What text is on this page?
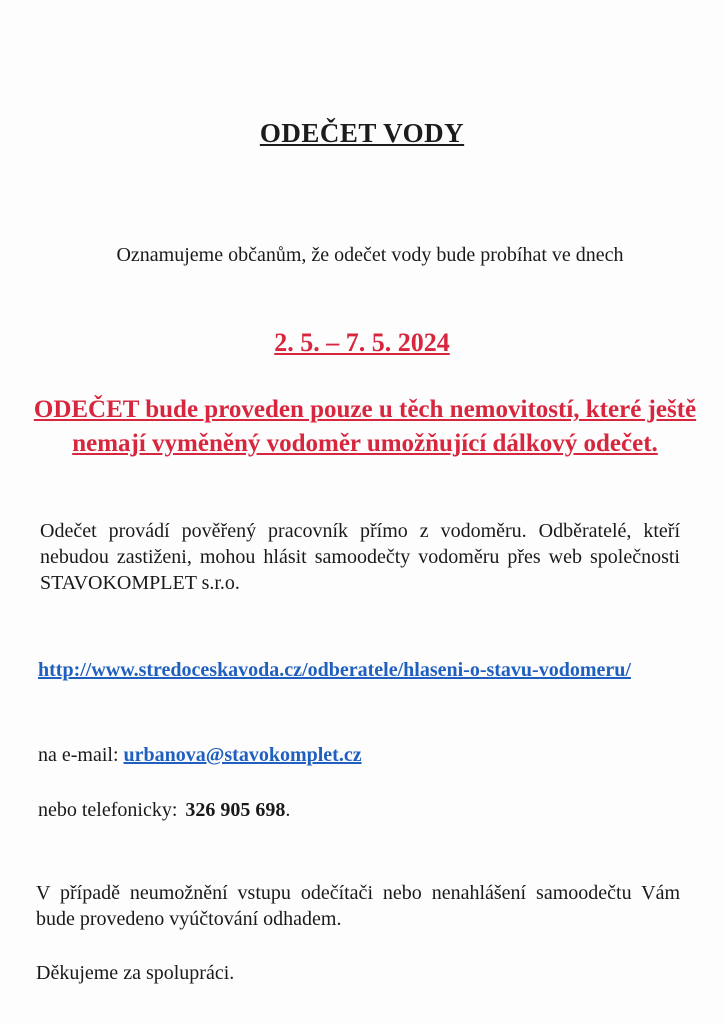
ODEČET VODY
Oznamujeme občanům, že odečet vody bude probíhat ve dnech
2. 5. – 7. 5. 2024
ODEČET bude proveden pouze u těch nemovitostí, které ještě nemají vyměněný vodoměr umožňující dálkový odečet.
Odečet provádí pověřený pracovník přímo z vodoměru. Odběratelé, kteří nebudou zastiženi, mohou hlásit samoodečty vodoměru přes web společnosti STAVOKOMPLET s.r.o.
http://www.stredoceskavoda.cz/odberatele/hlaseni-o-stavu-vodomeru/
na e-mail: urbanova@stavokomplet.cz
nebo telefonicky: 326 905 698.
V případě neumožnění vstupu odečítači nebo nenahlášení samoodečtu Vám bude provedeno vyúčtování odhadem.
Děkujeme za spolupráci.
